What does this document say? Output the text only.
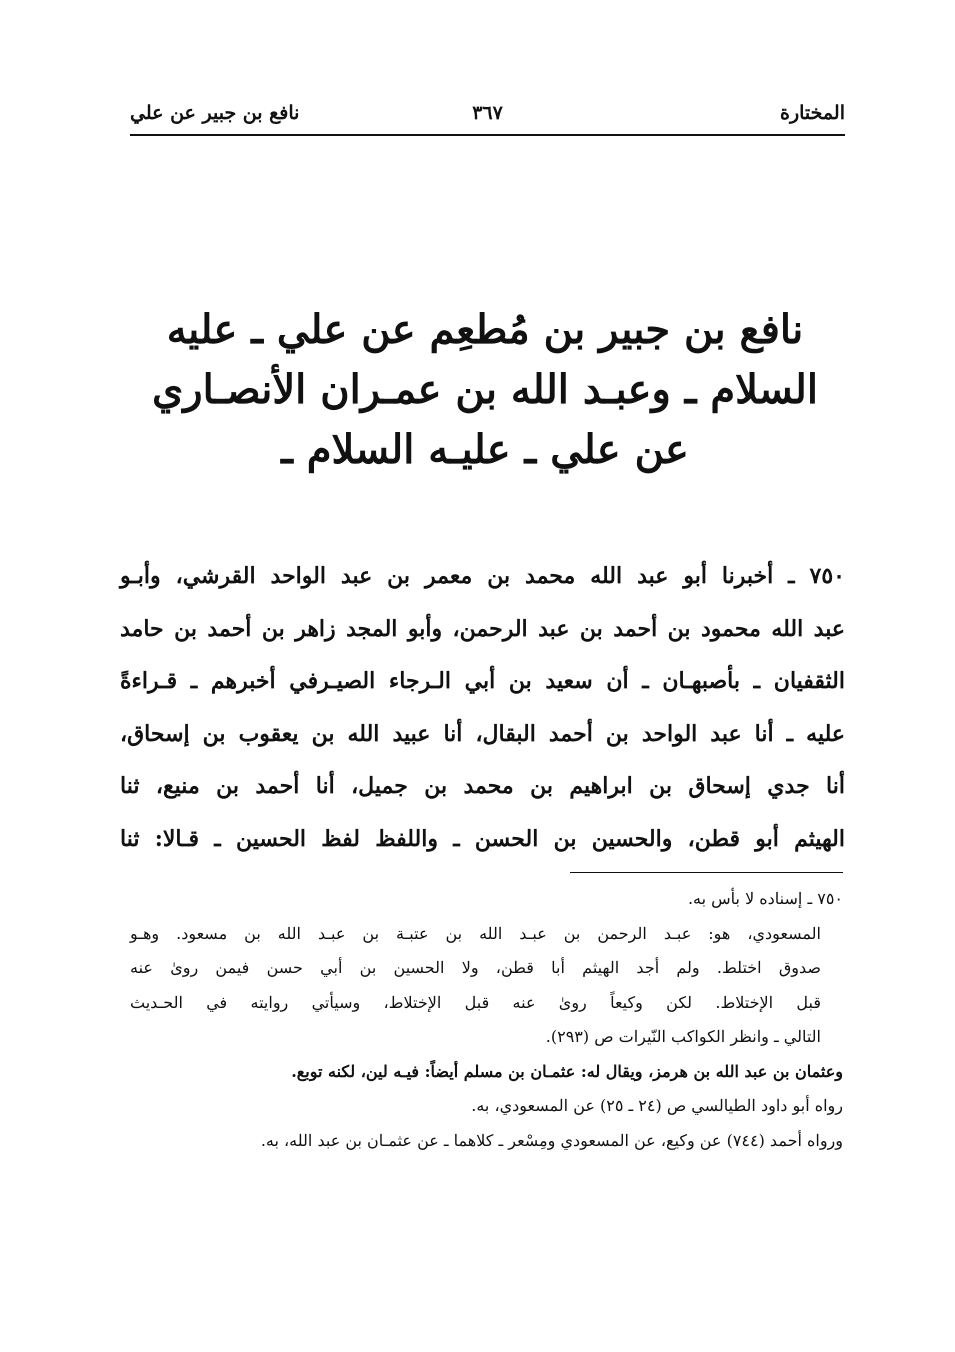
المختارة
٣٦٧
نافع بن جبير عن علي
نافع بن جبير بن مُطعِم عن علي ـ عليه السلام ـ وعبـد الله بن عمـران الأنصـاري عن علي ـ عليـه السلام ـ
٧٥٠ ـ أخبرنا أبو عبد الله محمد بن معمر بن عبد الواحد القرشي، وأبـو
عبد الله محمود بن أحمد بن عبد الرحمن، وأبو المجد زاهر بن أحمد بن حامد
الثقفيان ـ بأصبهـان ـ أن سعيد بن أبي الـرجاء الصيـرفي أخبرهم ـ قـراءةً
عليه ـ أنا عبد الواحد بن أحمد البقال، أنا عبيد الله بن يعقوب بن إسحاق،
أنا جدي إسحاق بن ابراهيم بن محمد بن جميل، أنا أحمد بن منيع، ثنا
الهيثم أبو قطن، والحسين بن الحسن ـ واللفظ لفظ الحسين ـ قـالا: ثنا

٧٥٠ ـ إسناده لا بأس به.

المسعودي، هو: عبـد الرحمن بن عبـد الله بن عتبـة بن عبـد الله بن مسعود. وهـو

صدوق اختلط. ولم أجد الهيثم أبا قطن، ولا الحسين بن أبي حسن فيمن روىٰ عنه

قبل الإختلاط. لكن وكيعاً روىٰ عنه قبل الإختلاط، وسيأتي روايته في الحـديث

التالي ـ وانظر الكواكب النّيرات ص (٢٩٣).

وعثمان بن عبد الله بن هرمز، ويقال له: عثمـان بن مسلم أيضاً: فيـه لين، لكنه توبع.

رواه أبو داود الطيالسي ص (٢٤ ـ ٢٥) عن المسعودي، به.

ورواه أحمد (٧٤٤) عن وكيع، عن المسعودي ومِسْعر ـ كلاهما ـ عن عثمـان بن عبد الله، به.
